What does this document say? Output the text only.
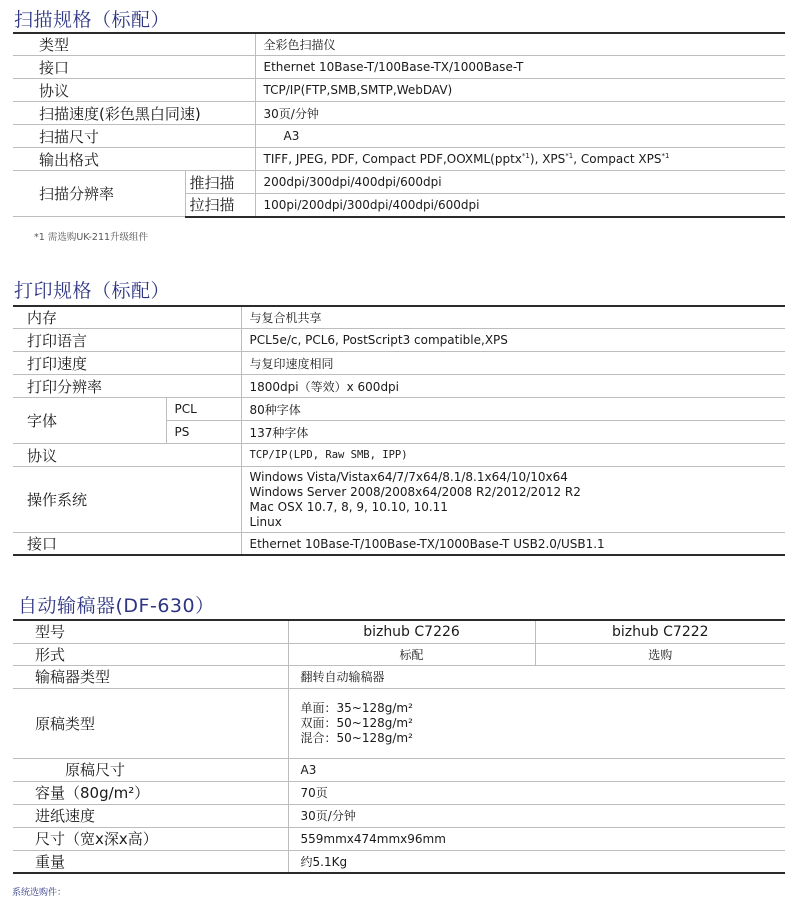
扫描规格（标配）
类型		全彩色扫描仪
接口		Ethernet 10Base-T/100Base-TX/1000Base-T
协议		TCP/IP(FTP,SMB,SMTP,WebDAV)
扫描速度(彩色黑白同速)		30页/分钟
扫描尺寸		A3
输出格式		TIFF, JPEG, PDF, Compact PDF,OOXML(pptx$^{*1}$), XPS$^{*1}$, Compact XPS$^{*1}$
扫描分辨率	推扫描	200dpi/300dpi/400dpi/600dpi
	拉扫描	100pi/200dpi/300dpi/400dpi/600dpi
*1 需选购UK-211升级组件
打印规格（标配）
内存		与复合机共享
打印语言		PCL5e/c, PCL6, PostScript3 compatible,XPS
打印速度		与复印速度相同
打印分辨率		1800dpi（等效）x 600dpi
字体	PCL	80种字体
	PS	137种字体
协议		TCP/IP(LPD, Raw SMB, IPP)
操作系统		Windows Vista/Vistax64/7/7x64/8.1/8.1x64/10/10x64
Windows Server 2008/2008x64/2008 R2/2012/2012 R2
Mac OSX 10.7, 8, 9, 10.10, 10.11
Linux

接口		Ethernet 10Base-T/100Base-TX/1000Base-T USB2.0/USB1.1
自动输稿器(DF-630）
型号	bizhub C7226	bizhub C7222
形式	标配	选购
输稿器类型	翻转自动输稿器	
原稿类型	单面：35~128g/m²
双面：50~128g/m²
混合：50~128g/m²	

原稿尺寸	A3	
容量（80g/m²）	70页	
进纸速度	30页/分钟	
尺寸（宽x深x高）	559mmx474mmx96mm	
重量	约5.1Kg	
系统选购件：
